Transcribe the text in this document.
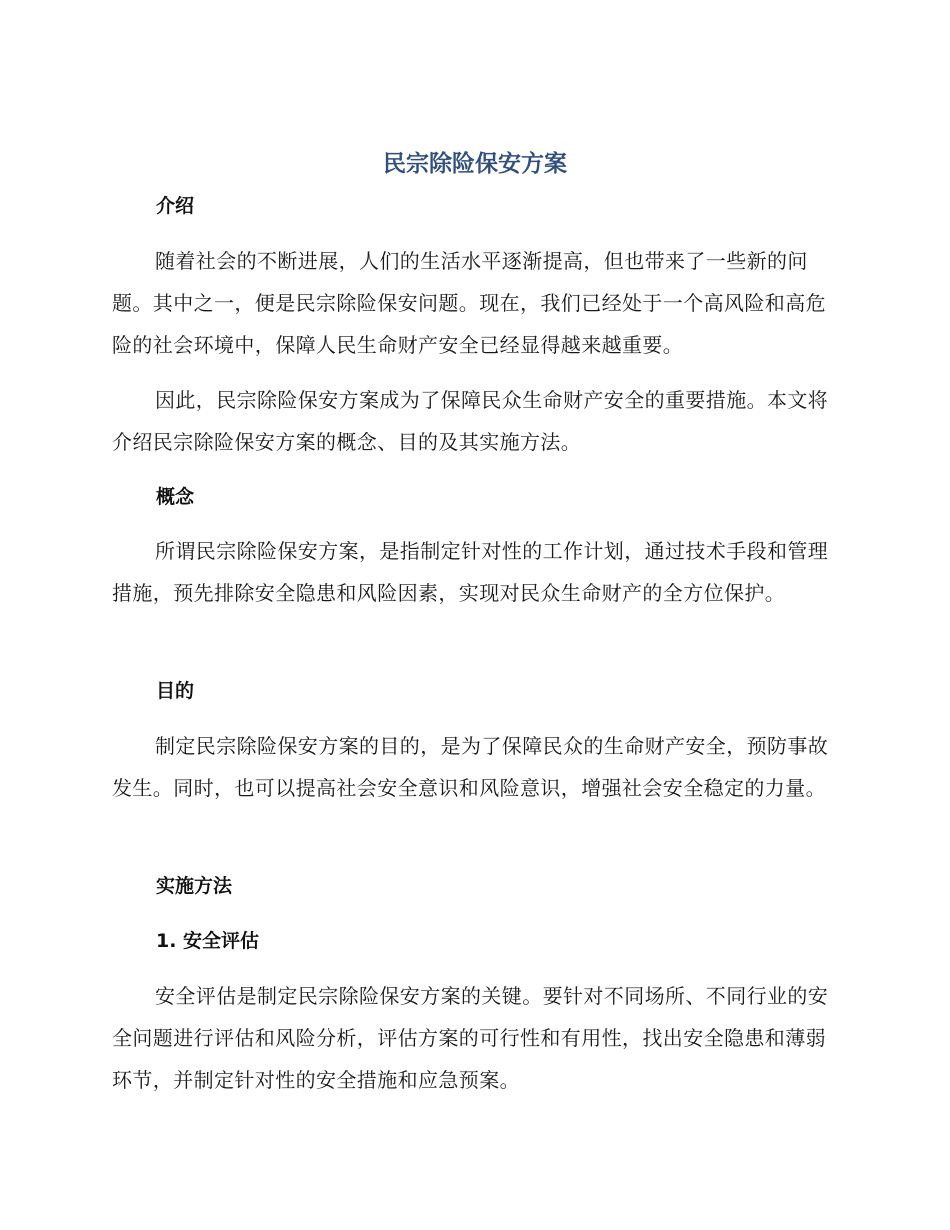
民宗除险保安方案
介绍

随着社会的不断进展，人们的生活水平逐渐提高，但也带来了一些新的问题。其中之一，便是民宗除险保安问题。现在，我们已经处于一个高风险和高危险的社会环境中，保障人民生命财产安全已经显得越来越重要。

因此，民宗除险保安方案成为了保障民众生命财产安全的重要措施。本文将介绍民宗除险保安方案的概念、目的及其实施方法。

概念

所谓民宗除险保安方案，是指制定针对性的工作计划，通过技术手段和管理措施，预先排除安全隐患和风险因素，实现对民众生命财产的全方位保护。

目的

制定民宗除险保安方案的目的，是为了保障民众的生命财产安全，预防事故发生。同时，也可以提高社会安全意识和风险意识，增强社会安全稳定的力量。

实施方法
1. 安全评估

安全评估是制定民宗除险保安方案的关键。要针对不同场所、不同行业的安全问题进行评估和风险分析，评估方案的可行性和有用性，找出安全隐患和薄弱环节，并制定针对性的安全措施和应急预案。
